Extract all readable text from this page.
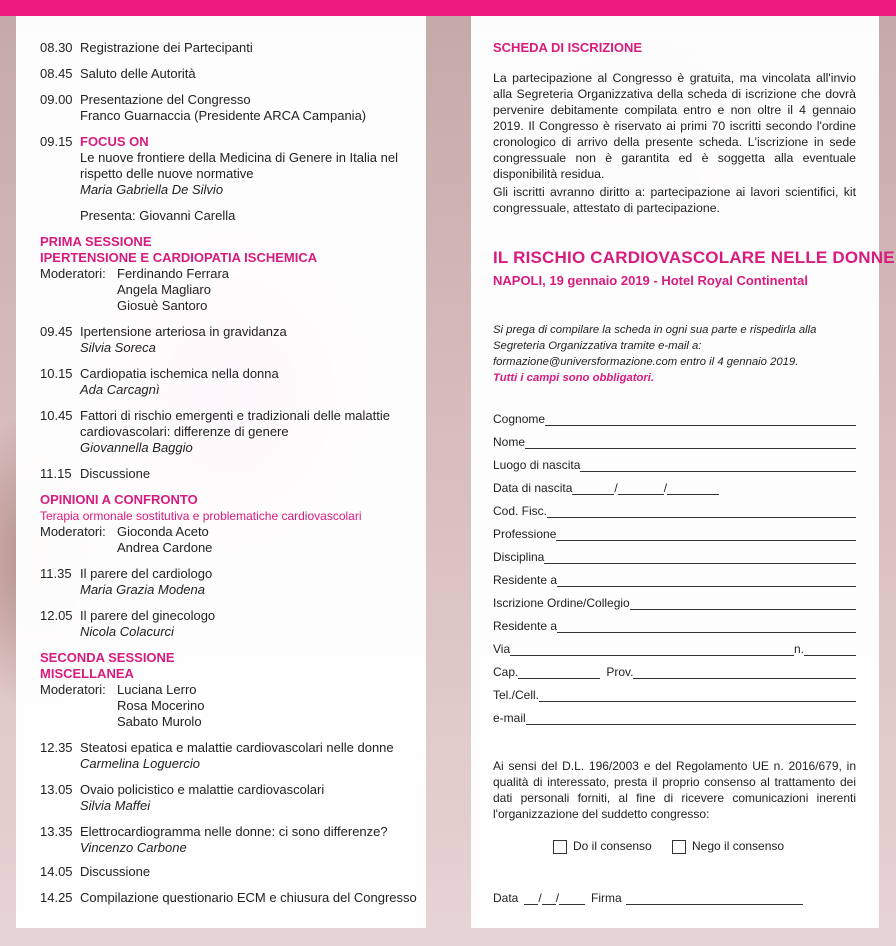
08.30 Registrazione dei Partecipanti
08.45 Saluto delle Autorità
09.00 Presentazione del Congresso
Franco Guarnaccia (Presidente ARCA Campania)
09.15 FOCUS ON
Le nuove frontiere della Medicina di Genere in Italia nel
rispetto delle nuove normative
Maria Gabriella De Silvio
Presenta: Giovanni Carella
PRIMA SESSIONE
IPERTENSIONE E CARDIOPATIA ISCHEMICA
Moderatori: Ferdinando Ferrara
Angela Magliaro
Giosuè Santoro
09.45 Ipertensione arteriosa in gravidanza
Silvia Soreca
10.15 Cardiopatia ischemica nella donna
Ada Carcagnì
10.45 Fattori di rischio emergenti e tradizionali delle malattie
cardiovascolari: differenze di genere
Giovannella Baggio
11.15 Discussione
OPINIONI A CONFRONTO
Terapia ormonale sostitutiva e problematiche cardiovascolari
Moderatori: Gioconda Aceto
Andrea Cardone
11.35 Il parere del cardiologo
Maria Grazia Modena
12.05 Il parere del ginecologo
Nicola Colacurci
SECONDA SESSIONE
MISCELLANEA
Moderatori: Luciana Lerro
Rosa Mocerino
Sabato Murolo
12.35 Steatosi epatica e malattie cardiovascolari nelle donne
Carmelina Loguercio
13.05 Ovaio policistico e malattie cardiovascolari
Silvia Maffei
13.35 Elettrocardiogramma nelle donne: ci sono differenze?
Vincenzo Carbone
14.05 Discussione
14.25 Compilazione questionario ECM e chiusura del Congresso
SCHEDA DI ISCRIZIONE
La partecipazione al Congresso è gratuita, ma vincolata all'invio alla Segreteria Organizzativa della scheda di iscrizione che dovrà pervenire debitamente compilata entro e non oltre il 4 gennaio 2019. Il Congresso è riservato ai primi 70 iscritti secondo l'ordine cronologico di arrivo della presente scheda. L'iscrizione in sede congressuale non è garantita ed è soggetta alla eventuale disponibilità residua.
Gli iscritti avranno diritto a: partecipazione ai lavori scientifici, kit congressuale, attestato di partecipazione.
IL RISCHIO CARDIOVASCOLARE NELLE DONNE
NAPOLI, 19 gennaio 2019 - Hotel Royal Continental
Si prega di compilare la scheda in ogni sua parte e rispedirla alla Segreteria Organizzativa tramite e-mail a: formazione@universformazione.com entro il 4 gennaio 2019.
Tutti i campi sono obbligatori.
Cognome
Nome
Luogo di nascita
Data di nascita	/	/
Cod. Fisc.
Professione
Disciplina
Residente a
Iscrizione Ordine/Collegio
Residente a
Via	n.
Cap.	Prov.
Tel./Cell.
e-mail
Ai sensi del D.L. 196/2003 e del Regolamento UE n. 2016/679, in qualità di interessato, presta il proprio consenso al trattamento dei dati personali forniti, al fine di ricevere comunicazioni inerenti l'organizzazione del suddetto congresso:
Do il consenso	Nego il consenso
Data / /	Firma
